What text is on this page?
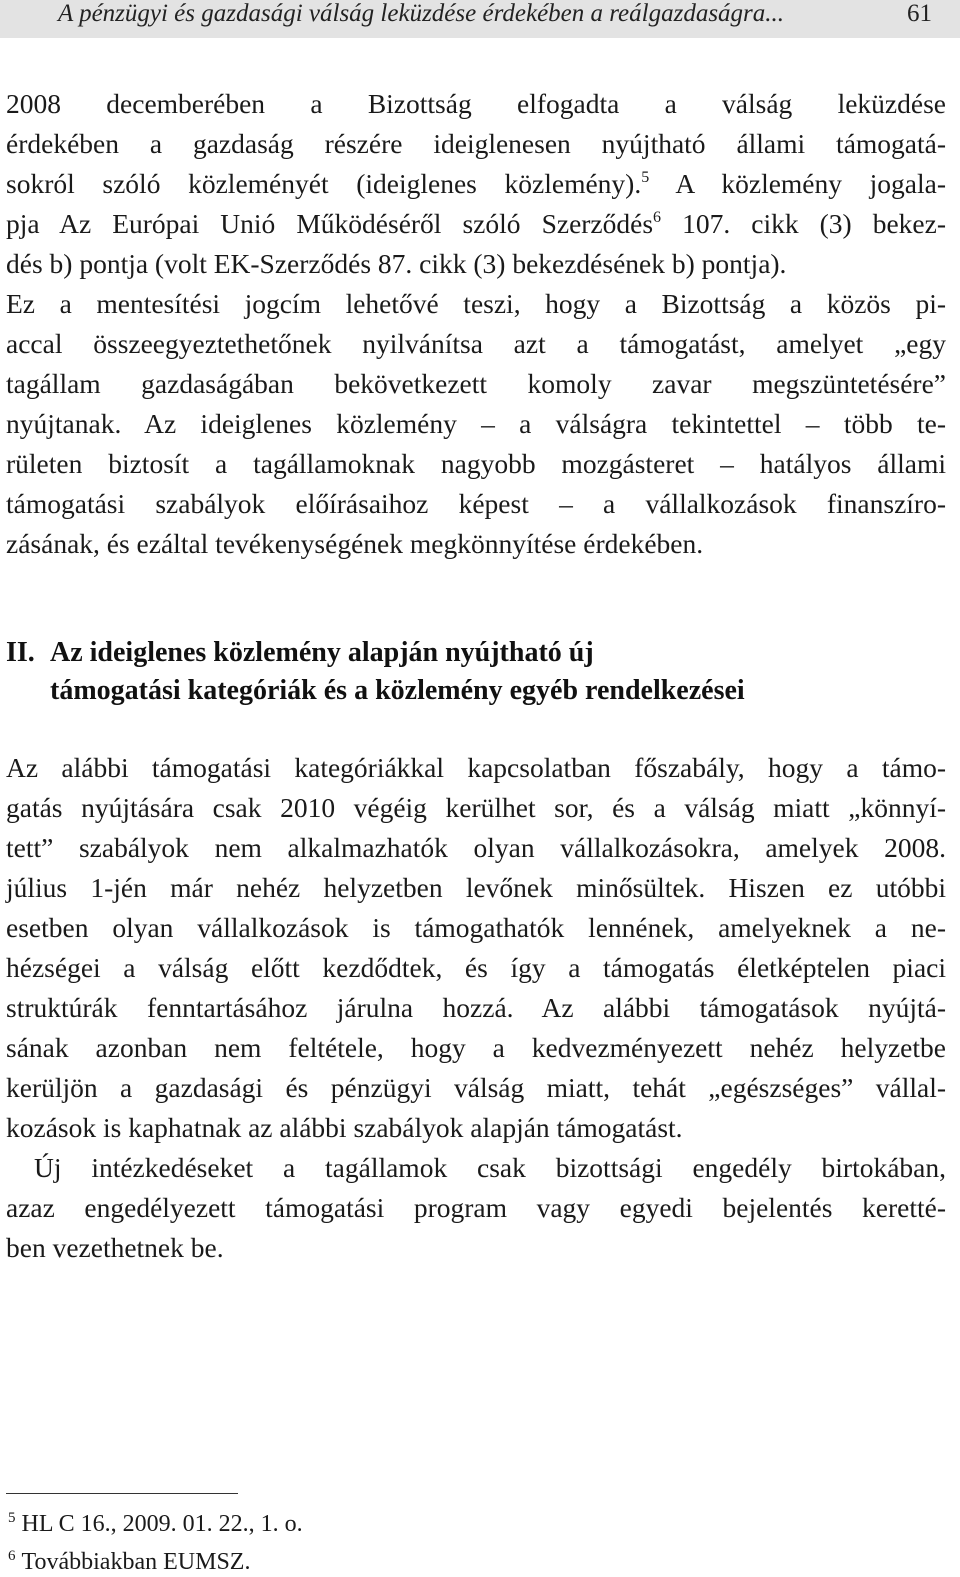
A pénzügyi és gazdasági válság leküzdése érdekében a reálgazdaságra...	61
2008 decemberében a Bizottság elfogadta a válság leküzdése
érdekében a gazdaság részére ideiglenesen nyújtható állami támogatá-
sokról szóló közleményét (ideiglenes közlemény).$^5$ A közlemény jogala-
pja Az Európai Unió Működéséről szóló Szerződés$^6$ 107. cikk (3) bekez-
dés b) pontja (volt EK-Szerződés 87. cikk (3) bekezdésének b) pontja).
Ez a mentesítési jogcím lehetővé teszi, hogy a Bizottság a közös pi-
accal összeegyeztethetőnek nyilvánítsa azt a támogatást, amelyet „egy
tagállam gazdaságában bekövetkezett komoly zavar megszüntetésére”
nyújtanak. Az ideiglenes közlemény – a válságra tekintettel – több te-
rületen biztosít a tagállamoknak nagyobb mozgásteret – hatályos állami
támogatási szabályok előírásaihoz képest – a vállalkozások finanszíro-
zásának, és ezáltal tevékenységének megkönnyítése érdekében.
II. Az ideiglenes közlemény alapján nyújtható új
támogatási kategóriák és a közlemény egyéb rendelkezései
Az alábbi támogatási kategóriákkal kapcsolatban főszabály, hogy a támo-
gatás nyújtására csak 2010 végéig kerülhet sor, és a válság miatt „könnyí-
tett” szabályok nem alkalmazhatók olyan vállalkozásokra, amelyek 2008.
július 1-jén már nehéz helyzetben levőnek minősültek. Hiszen ez utóbbi
esetben olyan vállalkozások is támogathatók lennének, amelyeknek a ne-
hézségei a válság előtt kezdődtek, és így a támogatás életképtelen piaci
struktúrák fenntartásához járulna hozzá. Az alábbi támogatások nyújtá-
sának azonban nem feltétele, hogy a kedvezményezett nehéz helyzetbe
kerüljön a gazdasági és pénzügyi válság miatt, tehát „egészséges” vállal-
kozások is kaphatnak az alábbi szabályok alapján támogatást.
Új intézkedéseket a tagállamok csak bizottsági engedély birtokában,
azaz engedélyezett támogatási program vagy egyedi bejelentés keretté-
ben vezethetnek be.
$^5$ HL C 16., 2009. 01. 22., 1. o.
$^6$ Továbbiakban EUMSZ.
